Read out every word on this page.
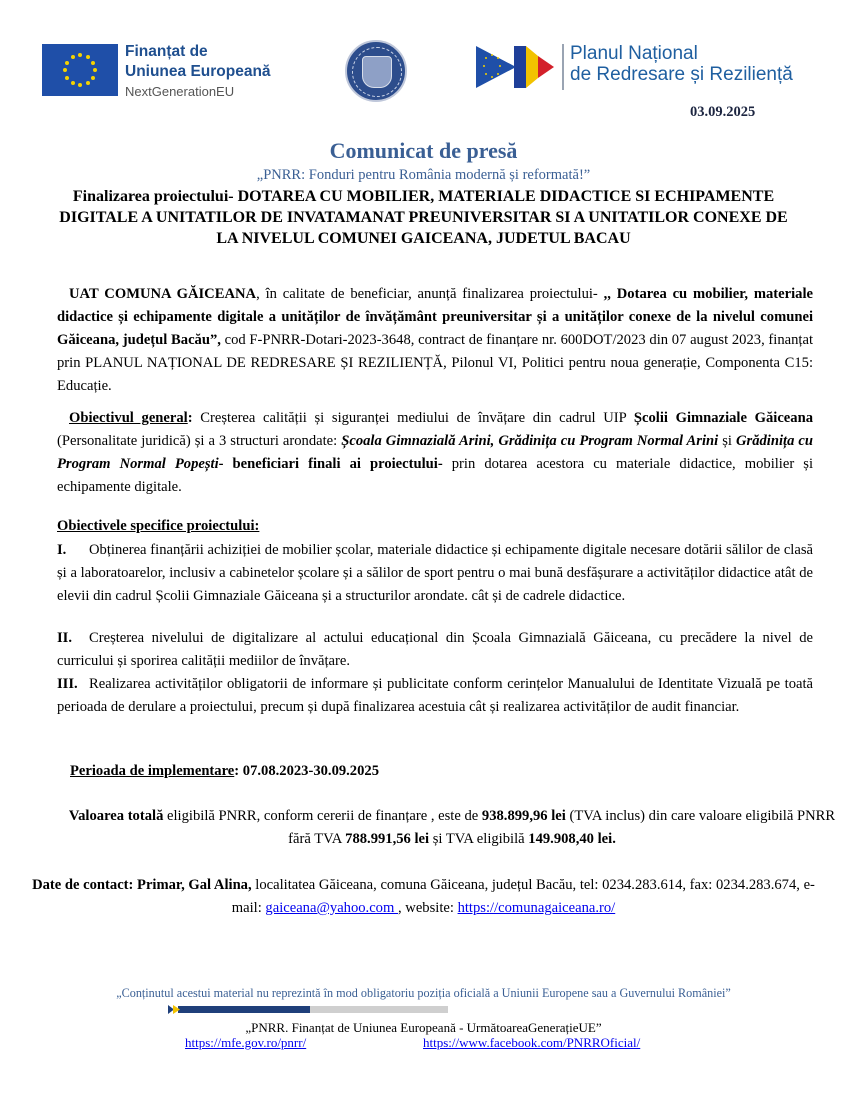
Finanțat de
Uniunea Europeană
NextGenerationEU
Planul Național
de Redresare și Reziliență
03.09.2025
Comunicat de presă
„PNRR: Fonduri pentru România modernă și reformată!”
Finalizarea proiectului- DOTAREA CU MOBILIER, MATERIALE DIDACTICE SI ECHIPAMENTE DIGITALE A UNITATILOR DE INVATAMANAT PREUNIVERSITAR SI A UNITATILOR CONEXE DE LA NIVELUL COMUNEI GAICEANA, JUDETUL BACAU
UAT COMUNA GĂICEANA, în calitate de beneficiar, anunță finalizarea proiectului- ,, Dotarea cu mobilier, materiale didactice și echipamente digitale a unităților de învățământ preuniversitar și a unităților conexe de la nivelul comunei Găiceana, județul Bacău”, cod F-PNRR-Dotari-2023-3648, contract de finanțare nr. 600DOT/2023 din 07 august 2023, finanțat prin PLANUL NAȚIONAL DE REDRESARE ȘI REZILIENȚĂ, Pilonul VI, Politici pentru noua generație, Componenta C15: Educație.
Obiectivul general: Creșterea calității și siguranței mediului de învățare din cadrul UIP Școlii Gimnaziale Găiceana (Personalitate juridică) și a 3 structuri arondate: Școala Gimnazială Arini, Grădinița cu Program Normal Arini și Grădinița cu Program Normal Popești- beneficiari finali ai proiectului- prin dotarea acestora cu materiale didactice, mobilier și echipamente digitale.
Obiectivele specifice proiectului:
I.	Obținerea finanțării achiziției de mobilier școlar, materiale didactice și echipamente digitale necesare dotării sălilor de clasă și a laboratoarelor, inclusiv a cabinetelor școlare și a sălilor de sport pentru o mai bună desfășurare a activităților didactice atât de elevii din cadrul Școlii Gimnaziale Găiceana și a structurilor arondate. cât și de cadrele didactice.
II.	Creșterea nivelului de digitalizare al actului educațional din Școala Gimnazială Găiceana, cu precădere la nivel de curricului și sporirea calității mediilor de învățare.
III. Realizarea activităților obligatorii de informare și publicitate conform cerințelor Manualului de Identitate Vizuală pe toată perioada de derulare a proiectului, precum și după finalizarea acestuia cât și realizarea activităților de audit financiar.
Perioada de implementare: 07.08.2023-30.09.2025
Valoarea totală eligibilă PNRR, conform cererii de finanțare , este de 938.899,96 lei (TVA inclus) din care valoare eligibilă PNRR fără TVA 788.991,56 lei și TVA eligibilă 149.908,40 lei.
Date de contact: Primar, Gal Alina, localitatea Găiceana, comuna Găiceana, județul Bacău, tel: 0234.283.614, fax: 0234.283.674, e-mail: gaiceana@yahoo.com , website: https://comunagaiceana.ro/
„Conținutul acestui material nu reprezintă în mod obligatoriu poziția oficială a Uniunii Europene sau a Guvernului României”
„PNRR. Finanțat de Uniunea Europeană - UrmătoareaGenerațieUE”
https://mfe.gov.ro/pnrr/	https://www.facebook.com/PNRROficial/
